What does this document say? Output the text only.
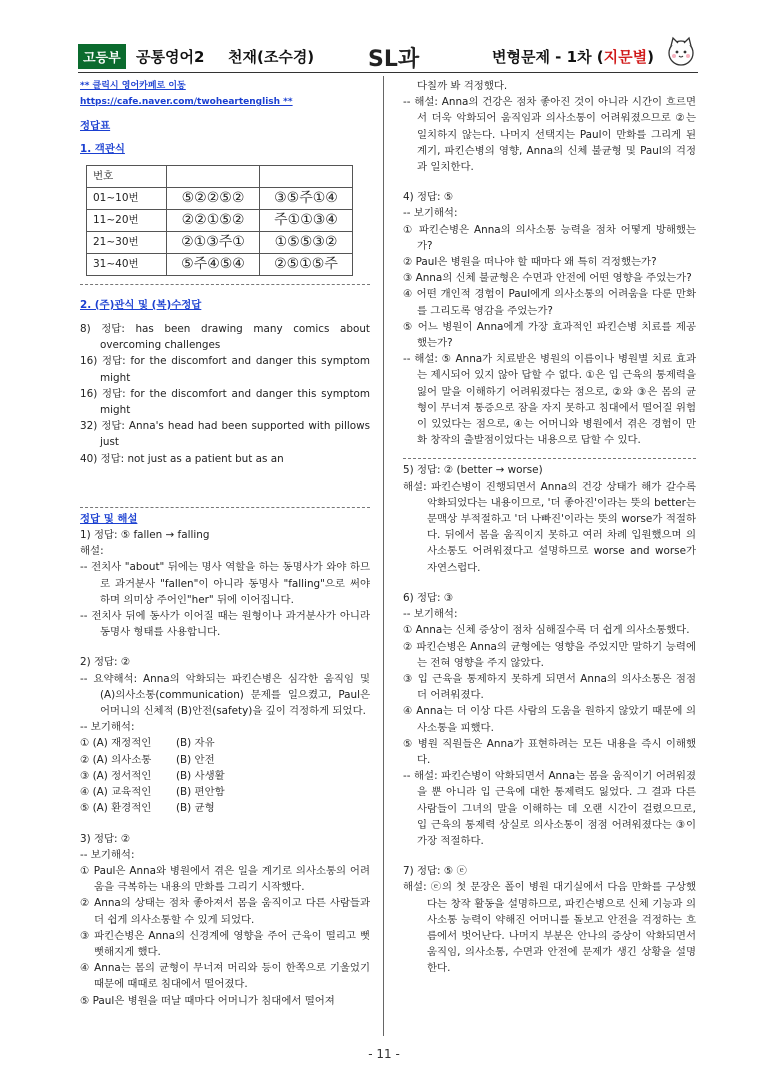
고등부	공통영어2 천재(조수경) SL과	변형문제 - 1차 (지문별)

** 클릭시 영어카페로 이동 https://cafe.naver.com/twoheartenglish **

정답표

1. 객관식

번호		
01~10번	⑤②②⑤②	③⑤주①④
11~20번	②②①⑤②	주①①③④
21~30번	②①③주①	①⑤⑤③②
31~40번	⑤주④⑤④	②⑤①⑤주

2. (주)관식 및 (복)수정답

8) 정답: has been drawing many comics about overcoming challenges

16) 정답: for the discomfort and danger this symptom might

16) 정답: for the discomfort and danger this symptom might

32) 정답: Anna's head had been supported with pillows just

40) 정답: not just as a patient but as an

정답 및 해설

1) 정답: ⑤ fallen → falling

해설:

-- 전치사 "about" 뒤에는 명사 역할을 하는 동명사가 와야 하므로 과거분사 "fallen"이 아니라 동명사 "falling"으로 써야 하며 의미상 주어인"her" 뒤에 이어집니다.

-- 전치사 뒤에 동사가 이어질 때는 원형이나 과거분사가 아니라 동명사 형태를 사용합니다.

2) 정답: ②

-- 요약해석: Anna의 악화되는 파킨슨병은 심각한 움직임 및 (A)의사소통(communication) 문제를 일으켰고, Paul은 어머니의 신체적 (B)안전(safety)을 깊이 걱정하게 되었다.

-- 보기해석:

① (A) 재정적인	(B) 자유

② (A) 의사소통	(B) 안전

③ (A) 정서적인	(B) 사생활

④ (A) 교육적인	(B) 편안함

⑤ (A) 환경적인	(B) 균형

3) 정답: ②

-- 보기해석:

① Paul은 Anna와 병원에서 겪은 일을 계기로 의사소통의 어려움을 극복하는 내용의 만화를 그리기 시작했다.

② Anna의 상태는 점차 좋아져서 몸을 움직이고 다른 사람들과 더 쉽게 의사소통할 수 있게 되었다.

③ 파킨슨병은 Anna의 신경계에 영향을 주어 근육이 떨리고 뻣뻣해지게 했다.

④ Anna는 몸의 균형이 무너져 머리와 등이 한쪽으로 기울었기 때문에 때때로 침대에서 떨어졌다.

⑤ Paul은 병원을 떠날 때마다 어머니가 침대에서 떨어져

다칠까 봐 걱정했다.

-- 해설: Anna의 건강은 점차 좋아진 것이 아니라 시간이 흐르면서 더욱 악화되어 움직임과 의사소통이 어려워졌으므로 ②는 일치하지 않는다. 나머지 선택지는 Paul이 만화를 그리게 된 계기, 파킨슨병의 영향, Anna의 신체 불균형 및 Paul의 걱정과 일치한다.

4) 정답: ⑤

-- 보기해석:

① 파킨슨병은 Anna의 의사소통 능력을 점차 어떻게 방해했는가?

② Paul은 병원을 떠나야 할 때마다 왜 특히 걱정했는가?

③ Anna의 신체 불균형은 수면과 안전에 어떤 영향을 주었는가?

④ 어떤 개인적 경험이 Paul에게 의사소통의 어려움을 다룬 만화를 그리도록 영감을 주었는가?

⑤ 어느 병원이 Anna에게 가장 효과적인 파킨슨병 치료를 제공했는가?

-- 해설: ⑤ Anna가 치료받은 병원의 이름이나 병원별 치료 효과는 제시되어 있지 않아 답할 수 없다. ①은 입 근육의 통제력을 잃어 말을 이해하기 어려워졌다는 점으로, ②와 ③은 몸의 균형이 무너져 통증으로 잠을 자지 못하고 침대에서 떨어질 위험이 있었다는 점으로, ④는 어머니와 병원에서 겪은 경험이 만화 창작의 출발점이었다는 내용으로 답할 수 있다.

5) 정답: ② (better → worse)

해설: 파킨슨병이 진행되면서 Anna의 건강 상태가 해가 갈수록 악화되었다는 내용이므로, '더 좋아진'이라는 뜻의 better는 문맥상 부적절하고 '더 나빠진'이라는 뜻의 worse가 적절하다. 뒤에서 몸을 움직이지 못하고 여러 차례 입원했으며 의사소통도 어려워졌다고 설명하므로 worse and worse가 자연스럽다.

6) 정답: ③

-- 보기해석:

① Anna는 신체 증상이 점차 심해질수록 더 쉽게 의사소통했다.

② 파킨슨병은 Anna의 균형에는 영향을 주었지만 말하기 능력에는 전혀 영향을 주지 않았다.

③ 입 근육을 통제하지 못하게 되면서 Anna의 의사소통은 점점 더 어려워졌다.

④ Anna는 더 이상 다른 사람의 도움을 원하지 않았기 때문에 의사소통을 피했다.

⑤ 병원 직원들은 Anna가 표현하려는 모든 내용을 즉시 이해했다.

-- 해설: 파킨슨병이 악화되면서 Anna는 몸을 움직이기 어려워졌을 뿐 아니라 입 근육에 대한 통제력도 잃었다. 그 결과 다른 사람들이 그녀의 말을 이해하는 데 오랜 시간이 걸렸으므로, 입 근육의 통제력 상실로 의사소통이 점점 어려워졌다는 ③이 가장 적절하다.

7) 정답: ⑤ ⓔ

해설: ⓔ의 첫 문장은 폴이 병원 대기실에서 다음 만화를 구상했다는 창작 활동을 설명하므로, 파킨슨병으로 신체 기능과 의사소통 능력이 약해진 어머니를 돌보고 안전을 걱정하는 흐름에서 벗어난다. 나머지 부분은 안나의 증상이 악화되면서 움직임, 의사소통, 수면과 안전에 문제가 생긴 상황을 설명한다.

- 11 -
